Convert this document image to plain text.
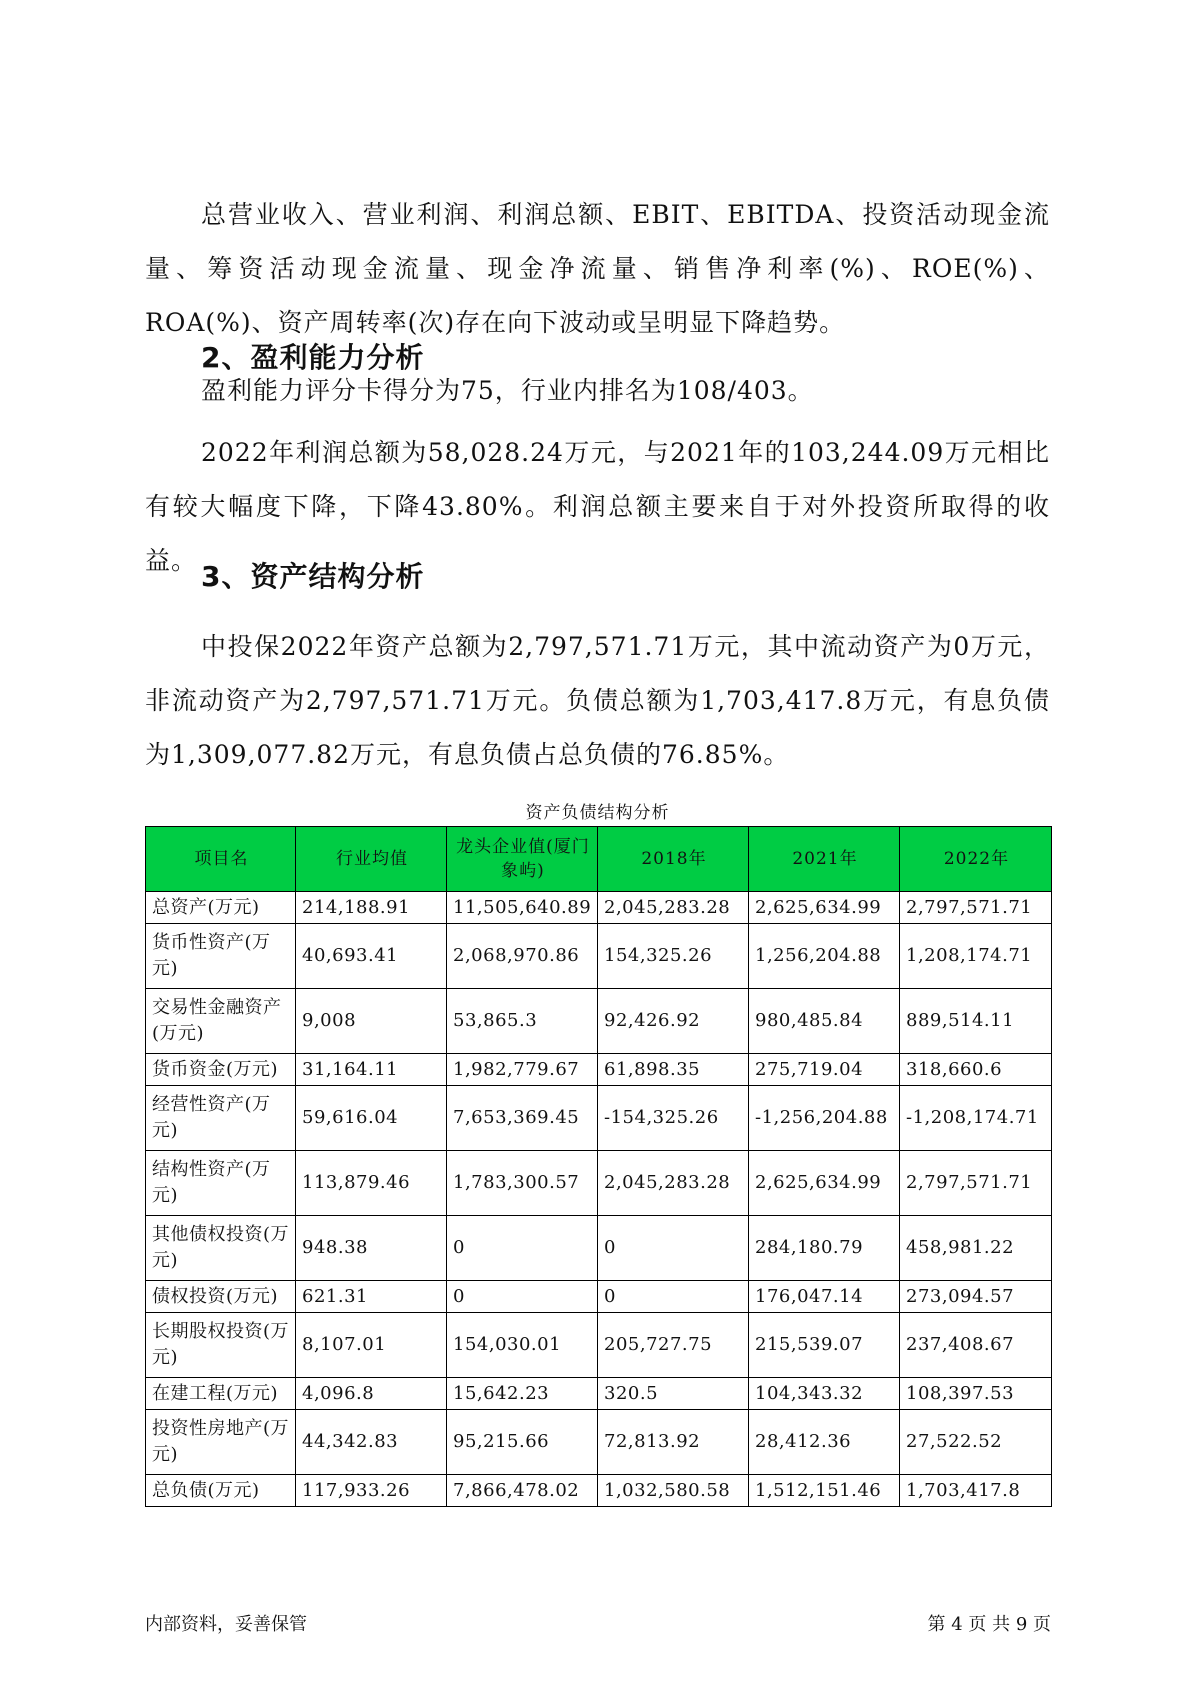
总营业收入、营业利润、利润总额、EBIT、EBITDA、投资活动现金流量、筹资活动现金流量、现金净流量、销售净利率(%)、ROE(%)、ROA(%)、资产周转率(次)存在向下波动或呈明显下降趋势。
2、盈利能力分析
盈利能力评分卡得分为75，行业内排名为108/403。
2022年利润总额为58,028.24万元，与2021年的103,244.09万元相比有较大幅度下降，下降43.80%。利润总额主要来自于对外投资所取得的收益。 3、资产结构分析
中投保2022年资产总额为2,797,571.71万元，其中流动资产为0万元，非流动资产为2,797,571.71万元。负债总额为1,703,417.8万元，有息负债为1,309,077.82万元，有息负债占总负债的76.85%。
资产负债结构分析
项目名	行业均值	龙头企业值(厦门象屿)	2018年	2021年	2022年
总资产(万元)	214,188.91	11,505,640.89	2,045,283.28	2,625,634.99	2,797,571.71
货币性资产(万元)	40,693.41	2,068,970.86	154,325.26	1,256,204.88	1,208,174.71
交易性金融资产(万元)	9,008	53,865.3	92,426.92	980,485.84	889,514.11
货币资金(万元)	31,164.11	1,982,779.67	61,898.35	275,719.04	318,660.6
经营性资产(万元)	59,616.04	7,653,369.45	-154,325.26	-1,256,204.88	-1,208,174.71
结构性资产(万元)	113,879.46	1,783,300.57	2,045,283.28	2,625,634.99	2,797,571.71
其他债权投资(万元)	948.38	0	0	284,180.79	458,981.22
债权投资(万元)	621.31	0	0	176,047.14	273,094.57
长期股权投资(万元)	8,107.01	154,030.01	205,727.75	215,539.07	237,408.67
在建工程(万元)	4,096.8	15,642.23	320.5	104,343.32	108,397.53
投资性房地产(万元)	44,342.83	95,215.66	72,813.92	28,412.36	27,522.52
总负债(万元)	117,933.26	7,866,478.02	1,032,580.58	1,512,151.46	1,703,417.8
内部资料，妥善保管	第 4 页 共 9 页
